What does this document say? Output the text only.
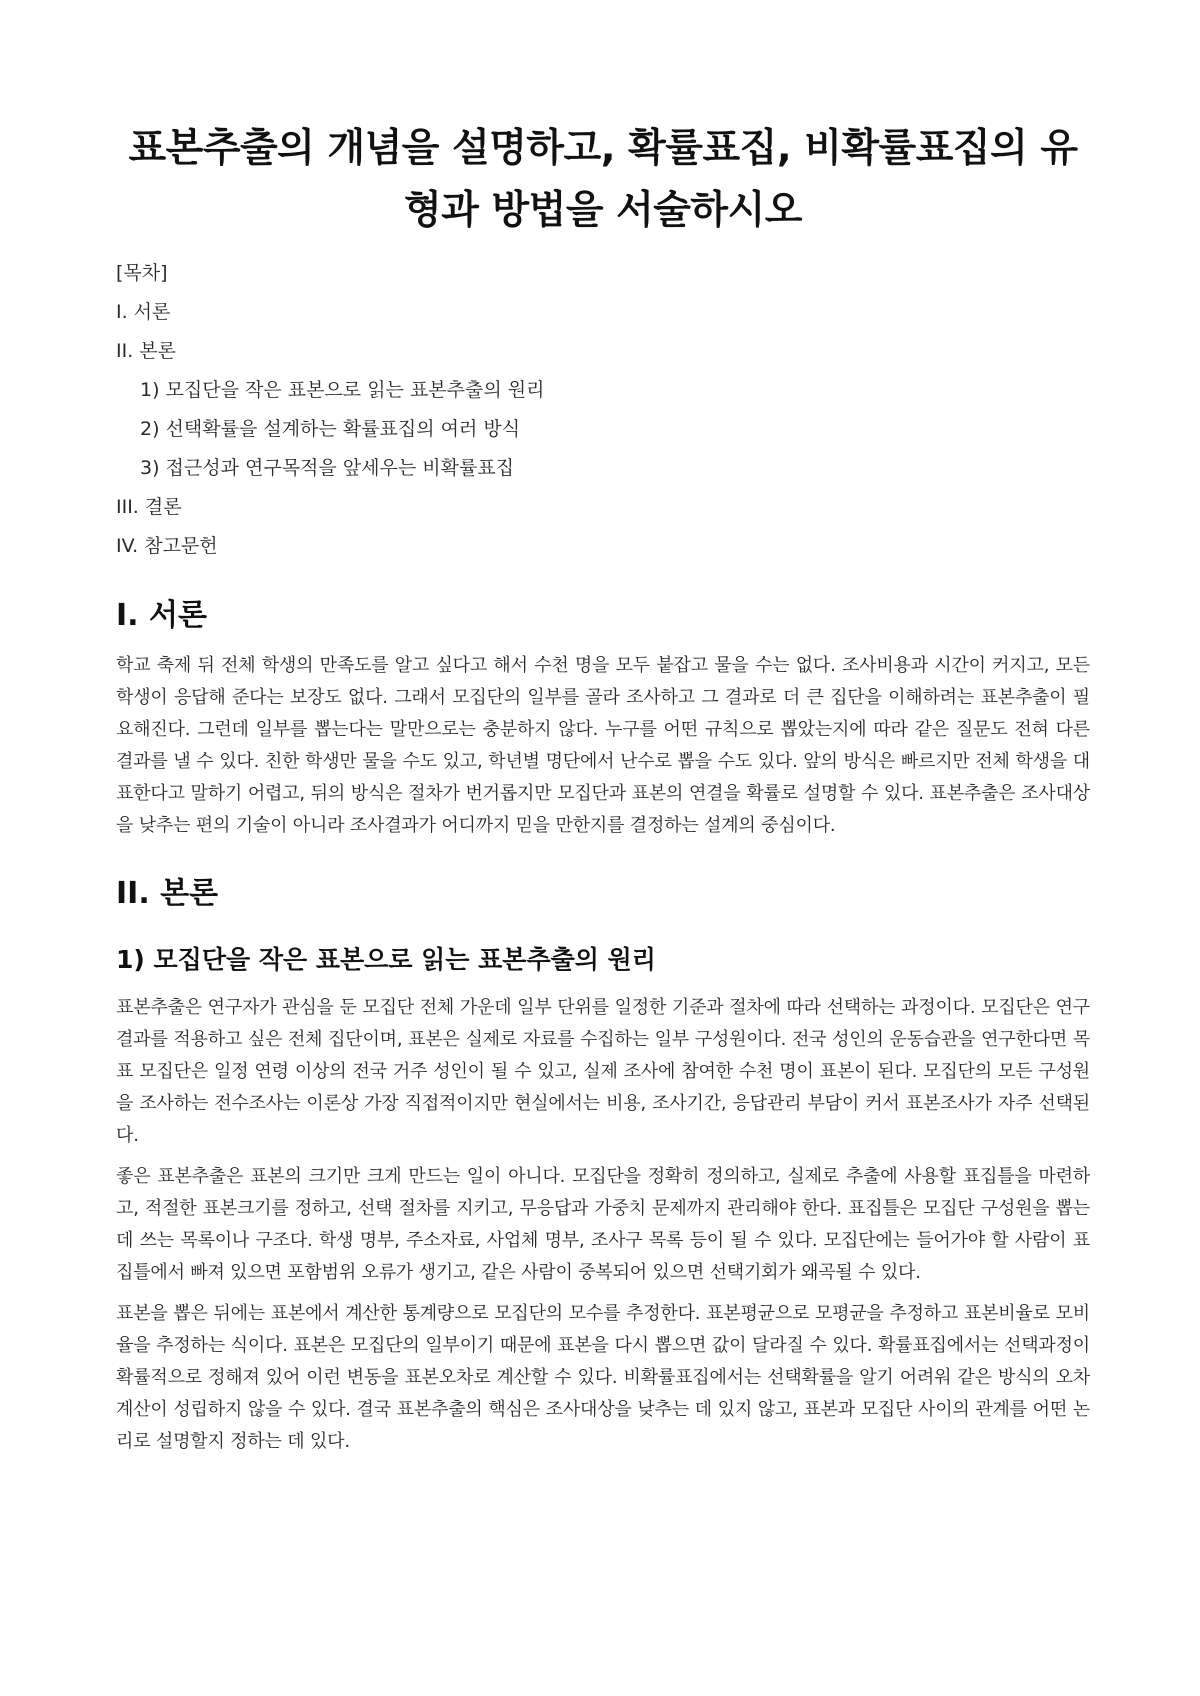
표본추출의 개념을 설명하고, 확률표집, 비확률표집의 유형과 방법을 서술하시오
[목차]
I. 서론
II. 본론
1) 모집단을 작은 표본으로 읽는 표본추출의 원리
2) 선택확률을 설계하는 확률표집의 여러 방식
3) 접근성과 연구목적을 앞세우는 비확률표집
III. 결론
IV. 참고문헌
I. 서론

학교 축제 뒤 전체 학생의 만족도를 알고 싶다고 해서 수천 명을 모두 붙잡고 물을 수는 없다. 조사비용과 시간이 커지고, 모든 학생이 응답해 준다는 보장도 없다. 그래서 모집단의 일부를 골라 조사하고 그 결과로 더 큰 집단을 이해하려는 표본추출이 필요해진다. 그런데 일부를 뽑는다는 말만으로는 충분하지 않다. 누구를 어떤 규칙으로 뽑았는지에 따라 같은 질문도 전혀 다른 결과를 낼 수 있다. 친한 학생만 물을 수도 있고, 학년별 명단에서 난수로 뽑을 수도 있다. 앞의 방식은 빠르지만 전체 학생을 대표한다고 말하기 어렵고, 뒤의 방식은 절차가 번거롭지만 모집단과 표본의 연결을 확률로 설명할 수 있다. 표본추출은 조사대상을 낮추는 편의 기술이 아니라 조사결과가 어디까지 믿을 만한지를 결정하는 설계의 중심이다.

II. 본론
1) 모집단을 작은 표본으로 읽는 표본추출의 원리

표본추출은 연구자가 관심을 둔 모집단 전체 가운데 일부 단위를 일정한 기준과 절차에 따라 선택하는 과정이다. 모집단은 연구결과를 적용하고 싶은 전체 집단이며, 표본은 실제로 자료를 수집하는 일부 구성원이다. 전국 성인의 운동습관을 연구한다면 목표 모집단은 일정 연령 이상의 전국 거주 성인이 될 수 있고, 실제 조사에 참여한 수천 명이 표본이 된다. 모집단의 모든 구성원을 조사하는 전수조사는 이론상 가장 직접적이지만 현실에서는 비용, 조사기간, 응답관리 부담이 커서 표본조사가 자주 선택된다.

좋은 표본추출은 표본의 크기만 크게 만드는 일이 아니다. 모집단을 정확히 정의하고, 실제로 추출에 사용할 표집틀을 마련하고, 적절한 표본크기를 정하고, 선택 절차를 지키고, 무응답과 가중치 문제까지 관리해야 한다. 표집틀은 모집단 구성원을 뽑는 데 쓰는 목록이나 구조다. 학생 명부, 주소자료, 사업체 명부, 조사구 목록 등이 될 수 있다. 모집단에는 들어가야 할 사람이 표집틀에서 빠져 있으면 포함범위 오류가 생기고, 같은 사람이 중복되어 있으면 선택기회가 왜곡될 수 있다.

표본을 뽑은 뒤에는 표본에서 계산한 통계량으로 모집단의 모수를 추정한다. 표본평균으로 모평균을 추정하고 표본비율로 모비율을 추정하는 식이다. 표본은 모집단의 일부이기 때문에 표본을 다시 뽑으면 값이 달라질 수 있다. 확률표집에서는 선택과정이 확률적으로 정해져 있어 이런 변동을 표본오차로 계산할 수 있다. 비확률표집에서는 선택확률을 알기 어려워 같은 방식의 오차 계산이 성립하지 않을 수 있다. 결국 표본추출의 핵심은 조사대상을 낮추는 데 있지 않고, 표본과 모집단 사이의 관계를 어떤 논리로 설명할지 정하는 데 있다.
